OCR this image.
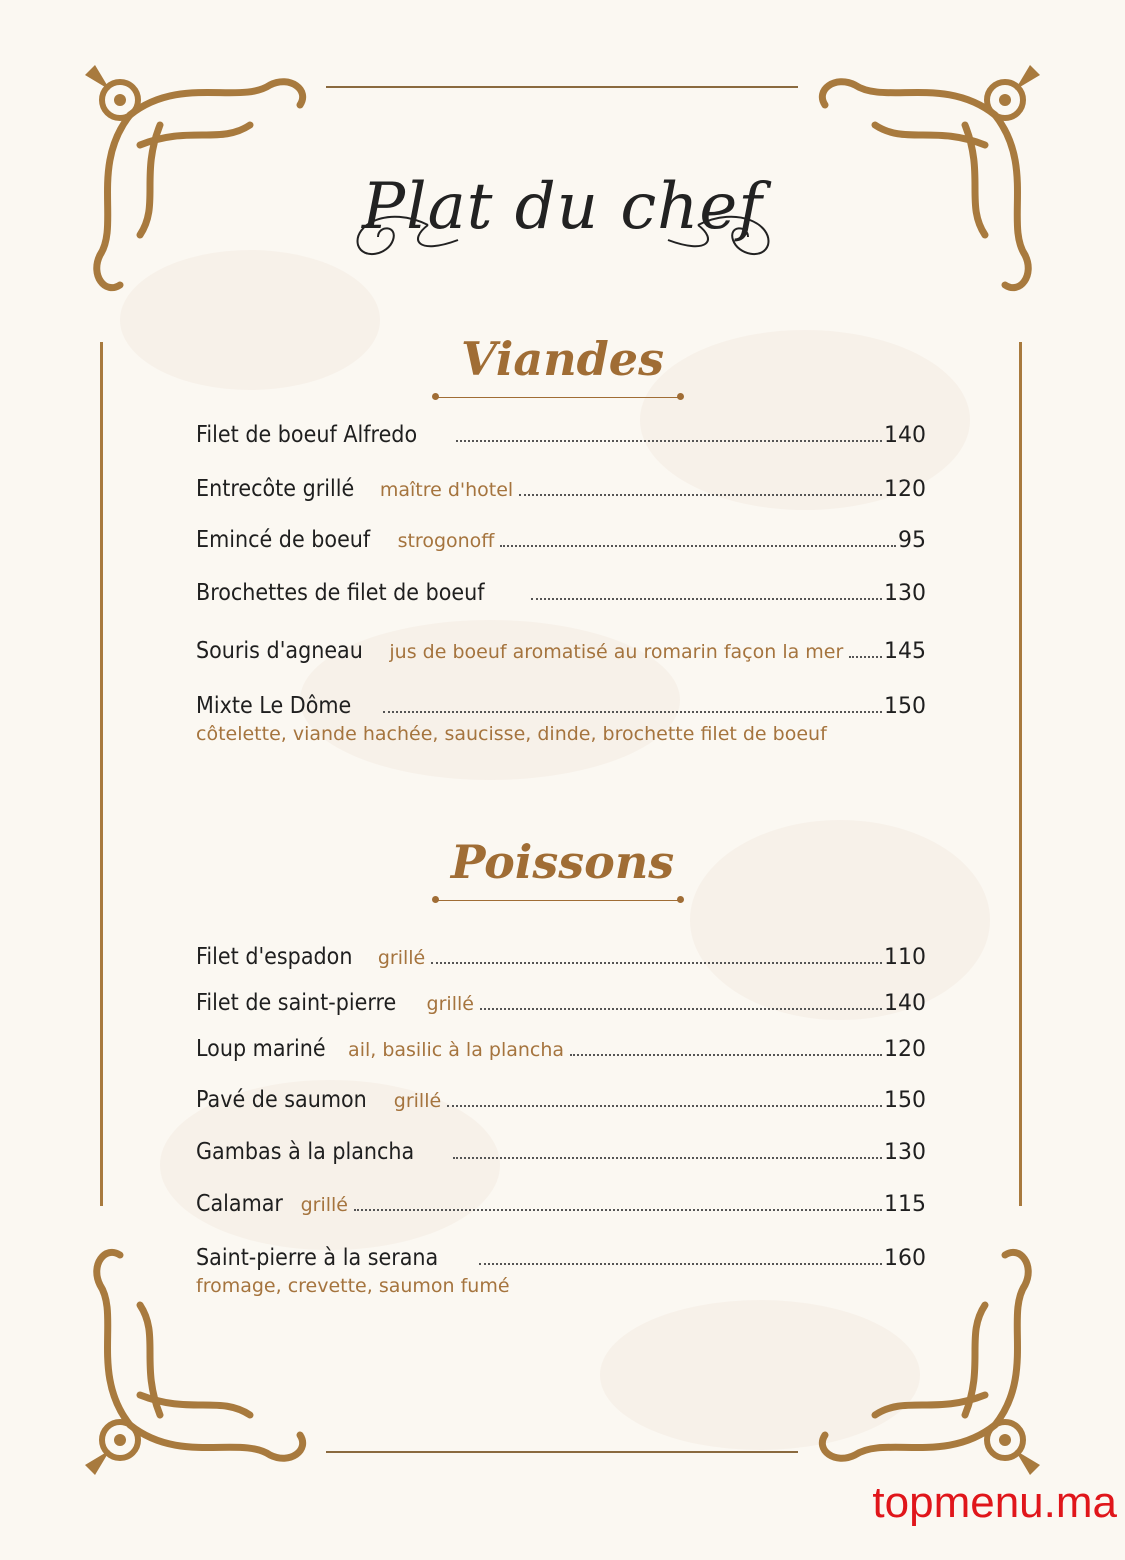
Plat du chef
Viandes
Filet de boeuf Alfredo	140
Entrecôte grillé maître d'hotel	120
Emincé de boeuf strogonoff	95
Brochettes de filet de boeuf	130
Souris d'agneau jus de boeuf aromatisé au romarin façon la mer 145
Mixte Le Dôme	150
côtelette, viande hachée, saucisse, dinde, brochette filet de boeuf
Poissons
Filet d'espadon grillé	110
Filet de saint-pierre grillé	140
Loup mariné ail, basilic à la plancha	120
Pavé de saumon grillé	150
Gambas à la plancha	130
Calamar grillé	115
Saint-pierre à la serana	160
fromage, crevette, saumon fumé
topmenu.ma
